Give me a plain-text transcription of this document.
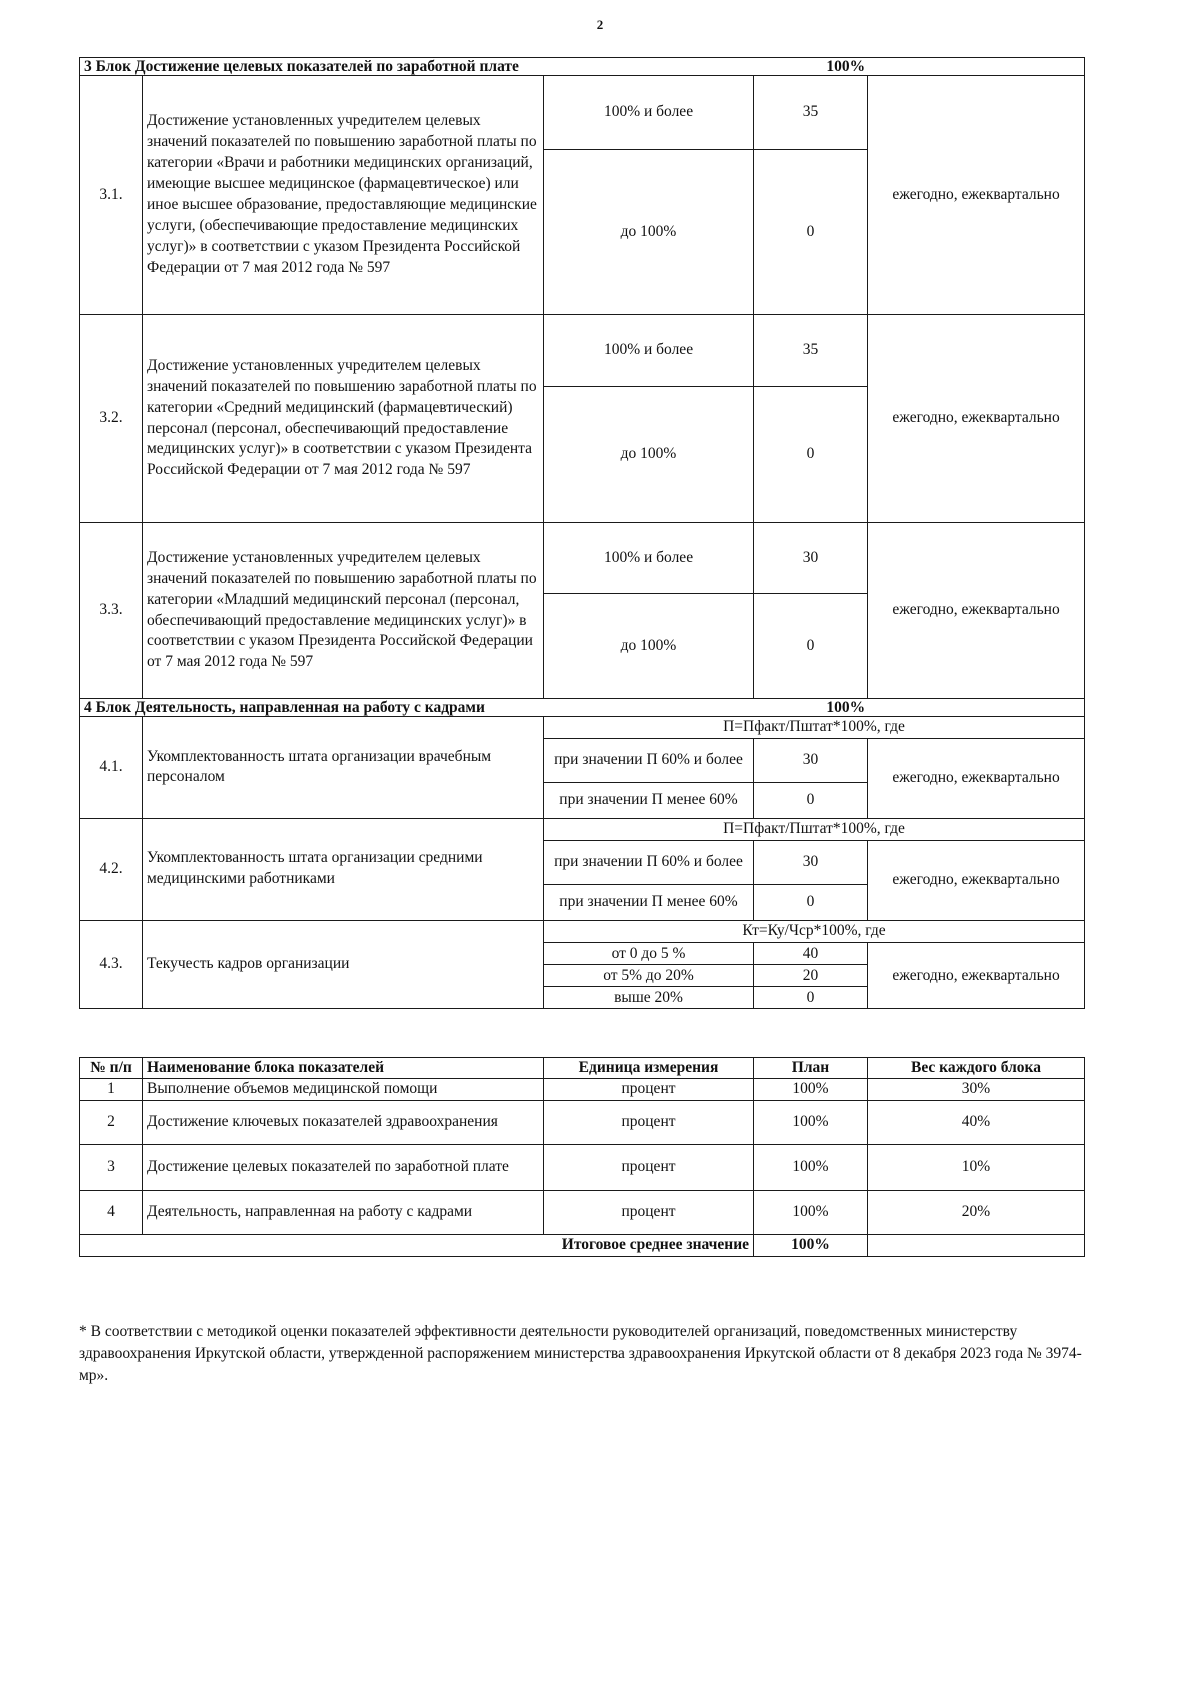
2
3 Блок Достижение целевых показателей по заработной плате			100%	
3.1.	Достижение установленных учредителем целевых значений показателей по повышению заработной платы по категории «Врачи и работники медицинских организаций, имеющие высшее медицинское (фармацевтическое) или иное высшее образование, предоставляющие медицинские услуги, (обеспечивающие предоставление медицинских услуг)» в соответствии с указом Президента Российской Федерации от 7 мая 2012 года № 597	100% и более	35	ежегодно, ежеквартально
		до 100%	0	
3.2.	Достижение установленных учредителем целевых значений показателей по повышению заработной платы по категории «Средний медицинский (фармацевтический) персонал (персонал, обеспечивающий предоставление медицинских услуг)» в соответствии с указом Президента Российской Федерации от 7 мая 2012 года № 597	100% и более	35	ежегодно, ежеквартально
		до 100%	0	
3.3.	Достижение установленных учредителем целевых значений показателей по повышению заработной платы по категории «Младший медицинский персонал (персонал, обеспечивающий предоставление медицинских услуг)» в соответствии с указом Президента Российской Федерации от 7 мая 2012 года № 597	100% и более	30	ежегодно, ежеквартально
		до 100%	0	
4 Блок Деятельность, направленная на работу с кадрами			100%	
4.1.	Укомплектованность штата организации врачебным персоналом	П=Пфакт/Пштат*100%, где		
		при значении П 60% и более	30	ежегодно, ежеквартально
		при значении П менее 60%	0	
4.2.	Укомплектованность штата организации средними медицинскими работниками	П=Пфакт/Пштат*100%, где		
		при значении П 60% и более	30	ежегодно, ежеквартально
		при значении П менее 60%	0	
4.3.	Текучесть кадров организации	Кт=Ку/Чср*100%, где		
		от 0 до 5 %	40	ежегодно, ежеквартально
		от 5% до 20%	20	
		выше 20%	0	
№ п/п	Наименование блока показателей	Единица измерения	План	Вес каждого блока
1	Выполнение объемов медицинской помощи	процент	100%	30%
2	Достижение ключевых показателей здравоохранения	процент	100%	40%
3	Достижение целевых показателей по заработной плате	процент	100%	10%
4	Деятельность, направленная на работу с кадрами	процент	100%	20%
Итоговое среднее значение			100%	
* В соответствии с методикой оценки показателей эффективности деятельности руководителей организаций, поведомственных министерству здравоохранения Иркутской области, утвержденной распоряжением министерства здравоохранения Иркутской области от 8 декабря 2023 года № 3974-мр».
